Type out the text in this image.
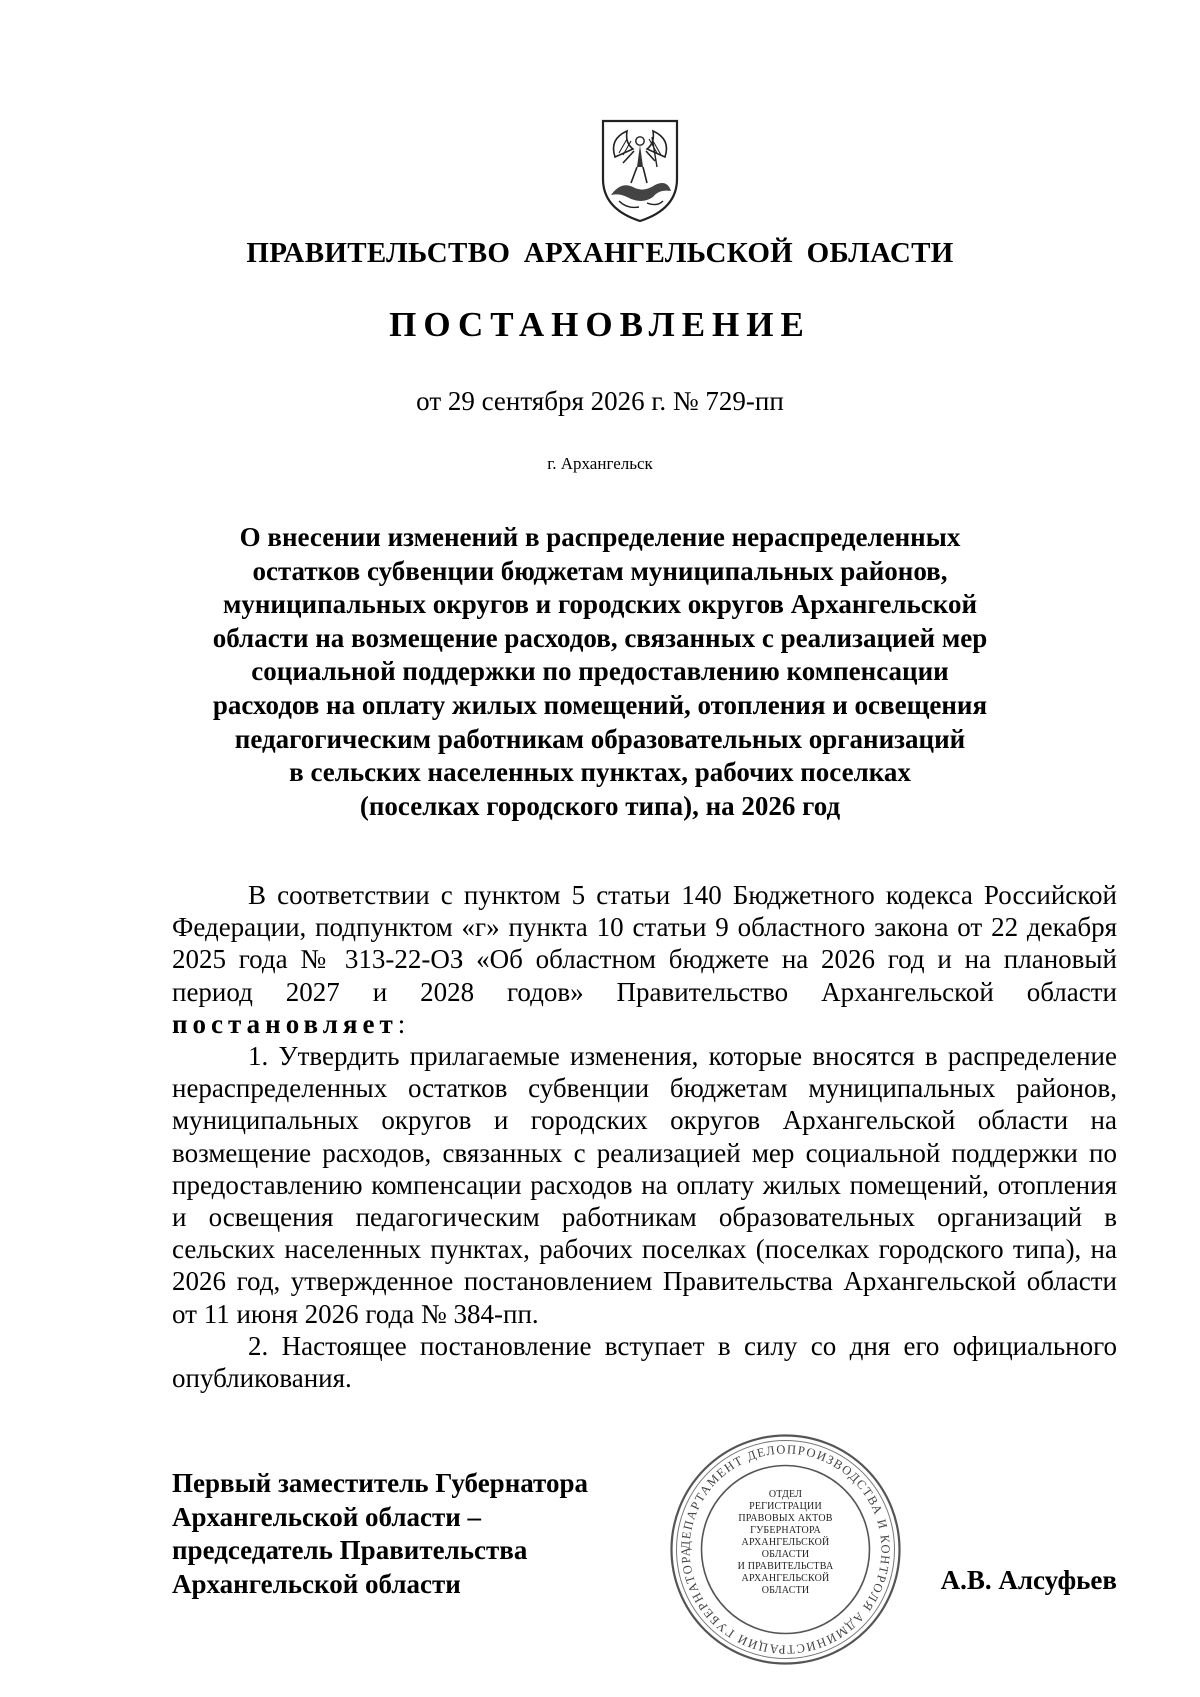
ПРАВИТЕЛЬСТВО АРХАНГЕЛЬСКОЙ ОБЛАСТИ
ПОСТАНОВЛЕНИЕ
от 29 сентября 2026 г. № 729-пп
г. Архангельск
О внесении изменений в распределение нераспределенных
остатков субвенции бюджетам муниципальных районов,
муниципальных округов и городских округов Архангельской
области на возмещение расходов, связанных с реализацией мер
социальной поддержки по предоставлению компенсации
расходов на оплату жилых помещений, отопления и освещения
педагогическим работникам образовательных организаций
в сельских населенных пунктах, рабочих поселках
(поселках городского типа), на 2026 год

В соответствии с пунктом 5 статьи 140 Бюджетного кодекса Российской Федерации, подпунктом «г» пункта 10 статьи 9 областного закона от 22 декабря 2025 года № 313-22-ОЗ «Об областном бюджете на 2026 год и на плановый период 2027 и 2028 годов» Правительство Архангельской области постановляет:

1. Утвердить прилагаемые изменения, которые вносятся в распределение нераспределенных остатков субвенции бюджетам муниципальных районов, муниципальных округов и городских округов Архангельской области на возмещение расходов, связанных с реализацией мер социальной поддержки по предоставлению компенсации расходов на оплату жилых помещений, отопления и освещения педагогическим работникам образовательных организаций в сельских населенных пунктах, рабочих поселках (поселках городского типа), на 2026 год, утвержденное постановлением Правительства Архангельской области от 11 июня 2026 года № 384-пп.

2. Настоящее постановление вступает в силу со дня его официального опубликования.

Первый заместитель Губернатора
Архангельской области –
председатель Правительства
Архангельской области
ДЕПАРТАМЕНТ ДЕЛОПРОИЗВОДСТВА И КОНТРОЛЯ АДМИНИСТРАЦИИ ГУБЕРНАТОРА
ОТДЕЛ
РЕГИСТРАЦИИ
ПРАВОВЫХ АКТОВ
ГУБЕРНАТОРА
АРХАНГЕЛЬСКОЙ
ОБЛАСТИ
И ПРАВИТЕЛЬСТВА
АРХАНГЕЛЬСКОЙ
ОБЛАСТИ	А.В. Алсуфьев
